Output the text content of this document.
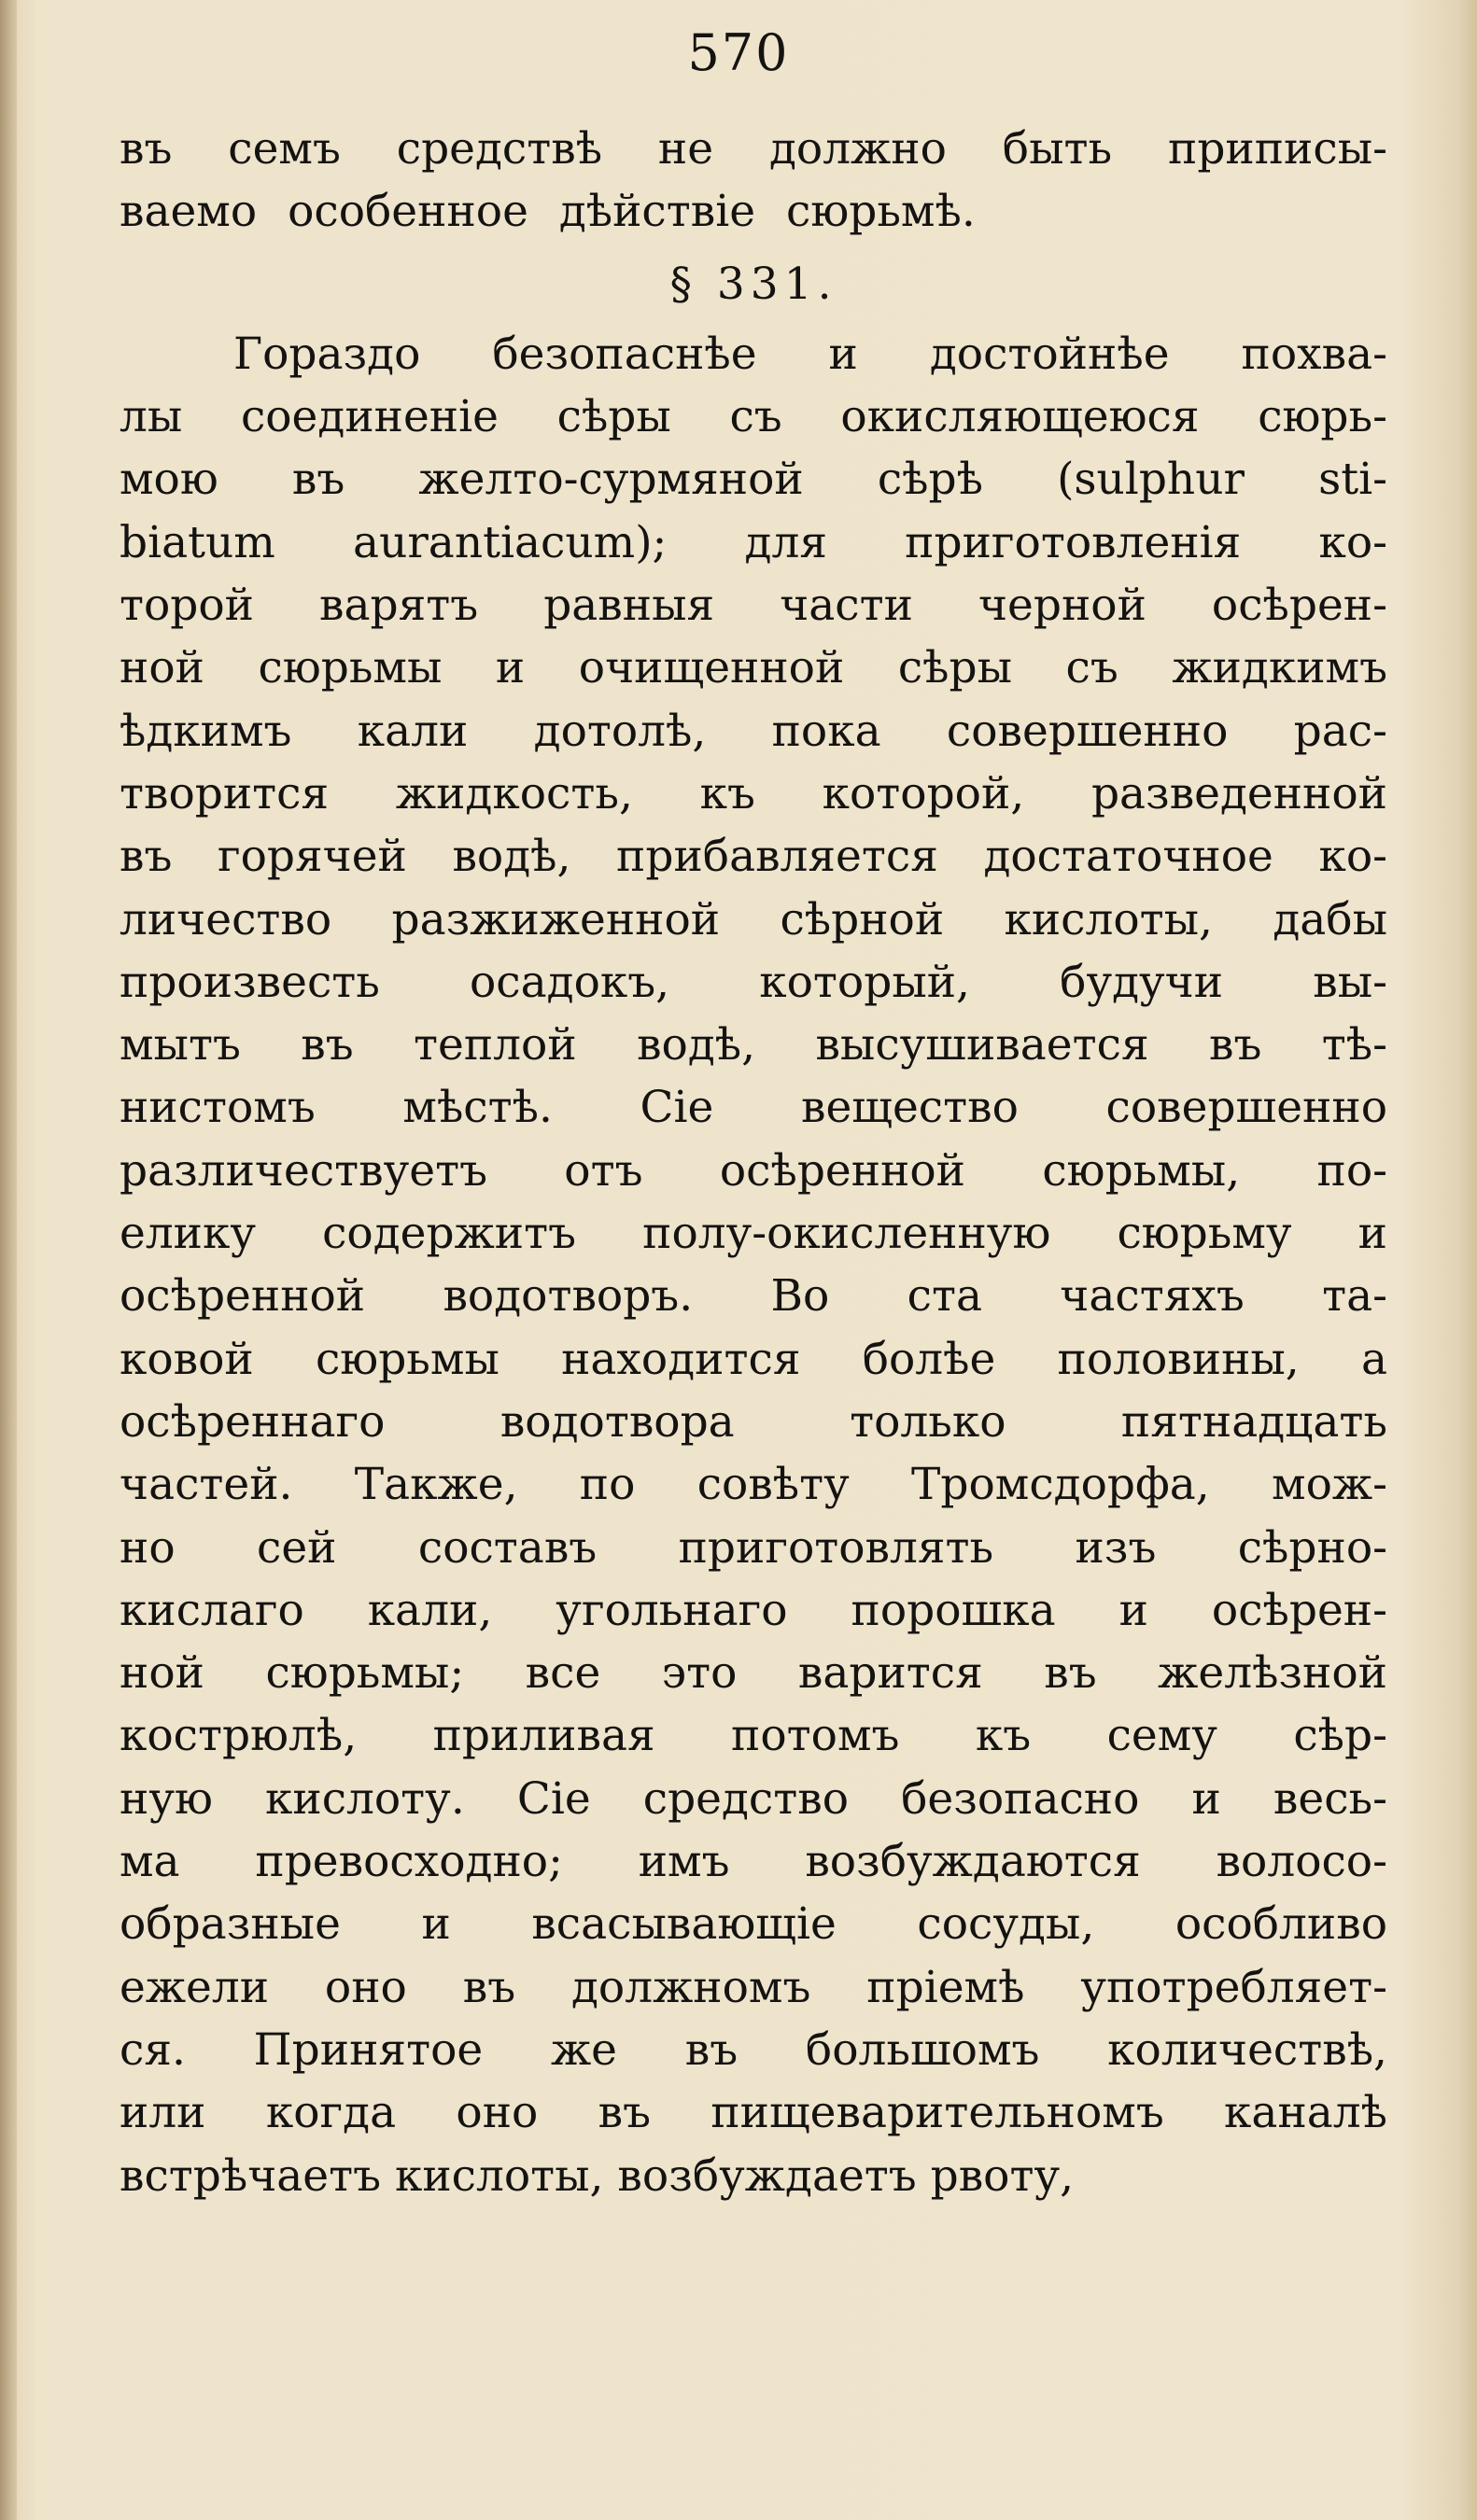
570
въ семъ средствѣ не должно быть приписы-
ваемо особенное дѣйствіе сюрьмѣ.
§ 331.
Гораздо безопаснѣе и достойнѣе похва-
лы соединеніе сѣры съ окисляющеюся сюрь-
мою въ желто-сурмяной сѣрѣ (sulphur sti-
biatum aurantiacum); для приготовленія ко-
торой варятъ равныя части черной осѣрен-
ной сюрьмы и очищенной сѣры съ жидкимъ
ѣдкимъ кали дотолѣ, пока совершенно рас-
творится жидкость, къ которой, разведенной
въ горячей водѣ, прибавляется достаточное ко-
личество разжиженной сѣрной кислоты, дабы
произвесть осадокъ, который, будучи вы-
мытъ въ теплой водѣ, высушивается въ тѣ-
нистомъ мѣстѣ. Сіе вещество совершенно
различествуетъ отъ осѣренной сюрьмы, по-
елику содержитъ полу-окисленную сюрьму и
осѣренной водотворъ. Во ста частяхъ та-
ковой сюрьмы находится болѣе половины, а
осѣреннаго водотвора только пятнадцать
частей. Также, по совѣту Тромсдорфа, мож-
но сей составъ приготовлять изъ сѣрно-
кислаго кали, угольнаго порошка и осѣрен-
ной сюрьмы; все это варится въ желѣзной
кострюлѣ, приливая потомъ къ сему сѣр-
ную кислоту. Сіе средство безопасно и весь-
ма превосходно; имъ возбуждаются волосо-
образные и всасывающіе сосуды, особливо
ежели оно въ должномъ пріемѣ употребляет-
ся. Принятое же въ большомъ количествѣ,
или когда оно въ пищеварительномъ каналѣ
встрѣчаетъ кислоты, возбуждаетъ рвоту,
